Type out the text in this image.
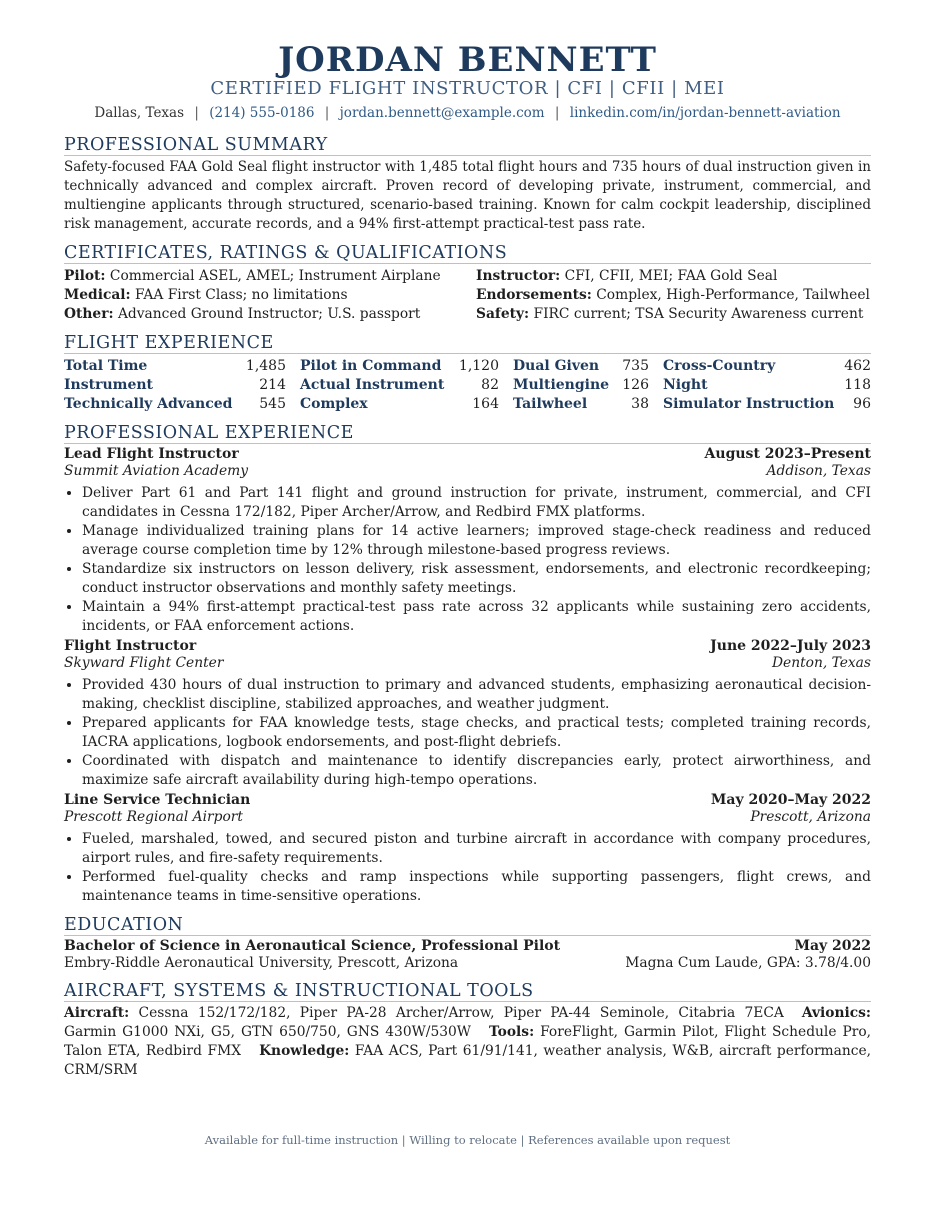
JORDAN BENNETT
CERTIFIED FLIGHT INSTRUCTOR | CFI | CFII | MEI
Dallas, Texas | (214) 555-0186 | jordan.bennett@example.com | linkedin.com/in/jordan-bennett-aviation
PROFESSIONAL SUMMARY
Safety-focused FAA Gold Seal flight instructor with 1,485 total flight hours and 735 hours of dual instruction given in technically advanced and complex aircraft. Proven record of developing private, instrument, commercial, and multiengine applicants through structured, scenario-based training. Known for calm cockpit leadership, disciplined risk management, accurate records, and a 94% first-attempt practical-test pass rate.
CERTIFICATES, RATINGS & QUALIFICATIONS
Pilot: Commercial ASEL, AMEL; Instrument Airplane	Instructor: CFI, CFII, MEI; FAA Gold Seal
Medical: FAA First Class; no limitations	Endorsements: Complex, High-Performance, Tailwheel
Other: Advanced Ground Instructor; U.S. passport	Safety: FIRC current; TSA Security Awareness current
FLIGHT EXPERIENCE
Total Time	1,485 Pilot in Command 1,120 Dual Given 735 Cross-Country	462
Instrument	214 Actual Instrument	82 Multiengine 126 Night	118
Technically Advanced 545 Complex	164 Tailwheel	38 Simulator Instruction 96
PROFESSIONAL EXPERIENCE
Lead Flight Instructor	August 2023–Present
Summit Aviation Academy	Addison, Texas
• Deliver Part 61 and Part 141 flight and ground instruction for private, instrument, commercial, and CFI candidates in Cessna 172/182, Piper Archer/Arrow, and Redbird FMX platforms.
• Manage individualized training plans for 14 active learners; improved stage-check readiness and reduced average course completion time by 12% through milestone-based progress reviews.
• Standardize six instructors on lesson delivery, risk assessment, endorsements, and electronic recordkeeping; conduct instructor observations and monthly safety meetings.
• Maintain a 94% first-attempt practical-test pass rate across 32 applicants while sustaining zero accidents, incidents, or FAA enforcement actions.
Flight Instructor	June 2022–July 2023
Skyward Flight Center	Denton, Texas
• Provided 430 hours of dual instruction to primary and advanced students, emphasizing aeronautical decision-making, checklist discipline, stabilized approaches, and weather judgment.
• Prepared applicants for FAA knowledge tests, stage checks, and practical tests; completed training records, IACRA applications, logbook endorsements, and post-flight debriefs.
• Coordinated with dispatch and maintenance to identify discrepancies early, protect airworthiness, and maximize safe aircraft availability during high-tempo operations.
Line Service Technician	May 2020–May 2022
Prescott Regional Airport	Prescott, Arizona
• Fueled, marshaled, towed, and secured piston and turbine aircraft in accordance with company procedures, airport rules, and fire-safety requirements.
• Performed fuel-quality checks and ramp inspections while supporting passengers, flight crews, and maintenance teams in time-sensitive operations.
EDUCATION
Bachelor of Science in Aeronautical Science, Professional Pilot	May 2022
Embry-Riddle Aeronautical University, Prescott, Arizona	Magna Cum Laude, GPA: 3.78/4.00
AIRCRAFT, SYSTEMS & INSTRUCTIONAL TOOLS
Aircraft: Cessna 152/172/182, Piper PA-28 Archer/Arrow, Piper PA-44 Seminole, Citabria 7ECA Avionics: Garmin G1000 NXi, G5, GTN 650/750, GNS 430W/530W Tools: ForeFlight, Garmin Pilot, Flight Schedule Pro, Talon ETA, Redbird FMX Knowledge: FAA ACS, Part 61/91/141, weather analysis, W&B, aircraft performance, CRM/SRM
Available for full-time instruction | Willing to relocate | References available upon request
